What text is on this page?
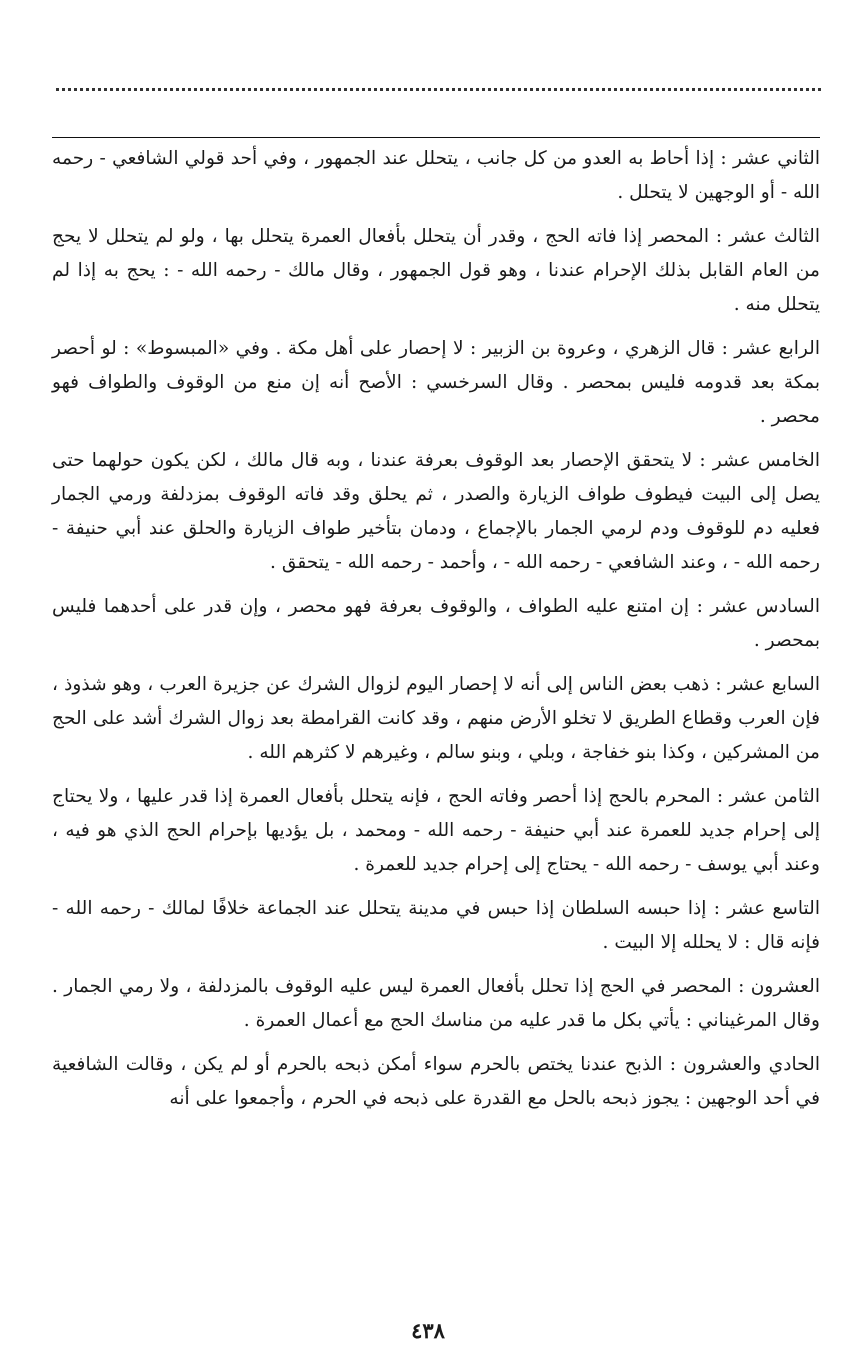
الثاني عشر : إذا أحاط به العدو من كل جانب ، يتحلل عند الجمهور ، وفي أحد قولي الشافعي - رحمه الله - أو الوجهين لا يتحلل .

الثالث عشر : المحصر إذا فاته الحج ، وقدر أن يتحلل بأفعال العمرة يتحلل بها ، ولو لم يتحلل لا يحج من العام القابل بذلك الإحرام عندنا ، وهو قول الجمهور ، وقال مالك - رحمه الله - : يحج به إذا لم يتحلل منه .

الرابع عشر : قال الزهري ، وعروة بن الزبير : لا إحصار على أهل مكة . وفي «المبسوط» : لو أحصر بمكة بعد قدومه فليس بمحصر . وقال السرخسي : الأصح أنه إن منع من الوقوف والطواف فهو محصر .

الخامس عشر : لا يتحقق الإحصار بعد الوقوف بعرفة عندنا ، وبه قال مالك ، لكن يكون حولهما حتى يصل إلى البيت فيطوف طواف الزيارة والصدر ، ثم يحلق وقد فاته الوقوف بمزدلفة ورمي الجمار فعليه دم للوقوف ودم لرمي الجمار بالإجماع ، ودمان بتأخير طواف الزيارة والحلق عند أبي حنيفة - رحمه الله - ، وعند الشافعي - رحمه الله - ، وأحمد - رحمه الله - يتحقق .

السادس عشر : إن امتنع عليه الطواف ، والوقوف بعرفة فهو محصر ، وإن قدر على أحدهما فليس بمحصر .

السابع عشر : ذهب بعض الناس إلى أنه لا إحصار اليوم لزوال الشرك عن جزيرة العرب ، وهو شذوذ ، فإن العرب وقطاع الطريق لا تخلو الأرض منهم ، وقد كانت القرامطة بعد زوال الشرك أشد على الحج من المشركين ، وكذا بنو خفاجة ، وبلي ، وبنو سالم ، وغيرهم لا كثرهم الله .

الثامن عشر : المحرم بالحج إذا أحصر وفاته الحج ، فإنه يتحلل بأفعال العمرة إذا قدر عليها ، ولا يحتاج إلى إحرام جديد للعمرة عند أبي حنيفة - رحمه الله - ومحمد ، بل يؤديها بإحرام الحج الذي هو فيه ، وعند أبي يوسف - رحمه الله - يحتاج إلى إحرام جديد للعمرة .

التاسع عشر : إذا حبسه السلطان إذا حبس في مدينة يتحلل عند الجماعة خلافًا لمالك - رحمه الله - فإنه قال : لا يحلله إلا البيت .

العشرون : المحصر في الحج إذا تحلل بأفعال العمرة ليس عليه الوقوف بالمزدلفة ، ولا رمي الجمار . وقال المرغيناني : يأتي بكل ما قدر عليه من مناسك الحج مع أعمال العمرة .

الحادي والعشرون : الذبح عندنا يختص بالحرم سواء أمكن ذبحه بالحرم أو لم يكن ، وقالت الشافعية في أحد الوجهين : يجوز ذبحه بالحل مع القدرة على ذبحه في الحرم ، وأجمعوا على أنه

٤٣٨
